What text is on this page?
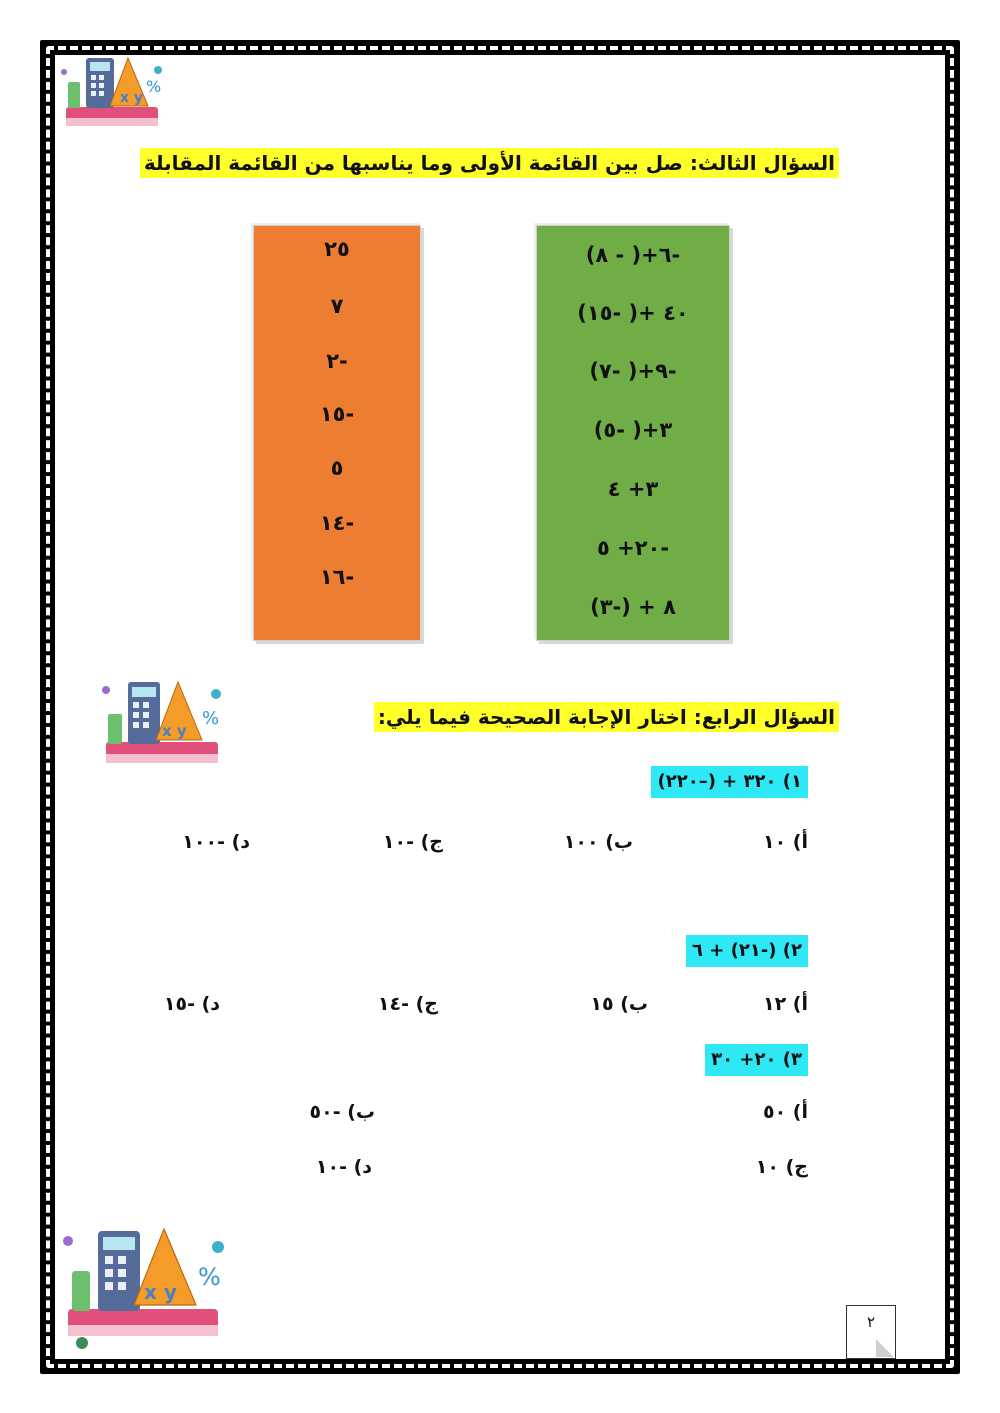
x y
%
السؤال الثالث: صل بين القائمة الأولى وما يناسبها من القائمة المقابلة
٢٥
٧
-٢
-١٥
٥
-١٤
-١٦
-٦+( - ٨)
٤٠ +( -١٥)
-٩+( -٧)
٣+( -٥)
٣+ ٤
-٢٠+ ٥
٨ + (-٣)
x y
%	السؤال الرابع: اختار الإجابة الصحيحة فيما يلي:
١) ٣٢٠ + (–٢٢٠)
أ) ١٠
ب) ١٠٠
ج) -١٠
د) -١٠٠
٢) (-٢١) + ٦
أ) ١٢
ب) ١٥
ج) -١٤
د) -١٥
٣) ٢٠+ ٣٠
أ) ٥٠
ب) -٥٠
ج) ١٠
د) -١٠
x y
%
٢
